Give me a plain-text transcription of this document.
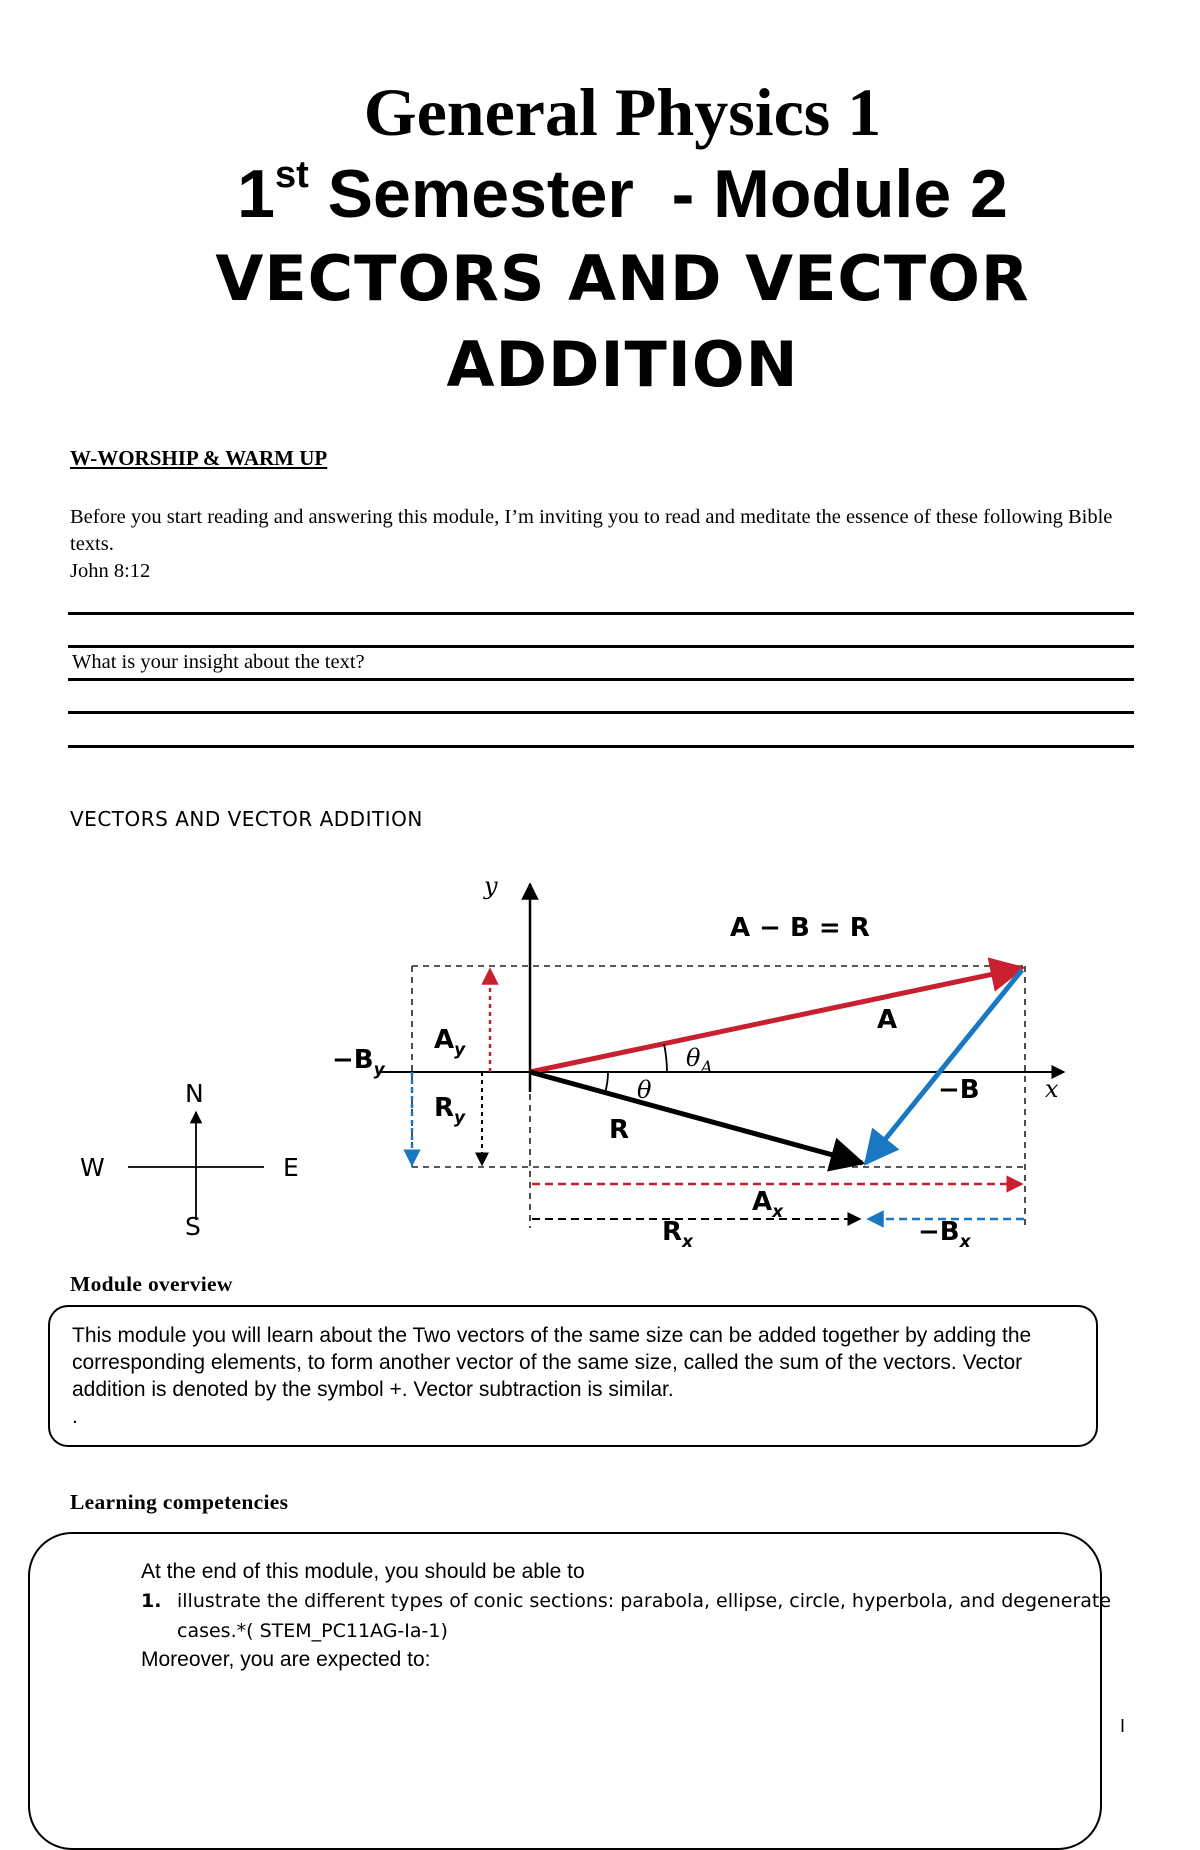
General Physics 1
1st Semester  - Module 2
VECTORS AND VECTOR
ADDITION
W-WORSHIP & WARM UP
Before you start reading and answering this module, I’m inviting you to read and meditate the essence of these following Bible texts.
John 8:12
What is your insight about the text?
VECTORS AND VECTOR ADDITION
A − B = R
A
−B
R
$A_y$
$R_y$
$-B_y$
$A_x$
$R_x$	$-B_x$
y
x
$\theta_A$
θ
N
S
E
W
Module overview
This module you will learn about the Two vectors of the same size can be added together by adding the corresponding elements, to form another vector of the same size, called the sum of the vectors. Vector addition is denoted by the symbol +. Vector subtraction is similar.
.
Learning competencies
At the end of this module, you should be able to
1. illustrate the different types of conic sections: parabola, ellipse, circle, hyperbola, and degenerate cases.*( STEM_PC11AG-Ia-1)
Moreover, you are expected to:
I
